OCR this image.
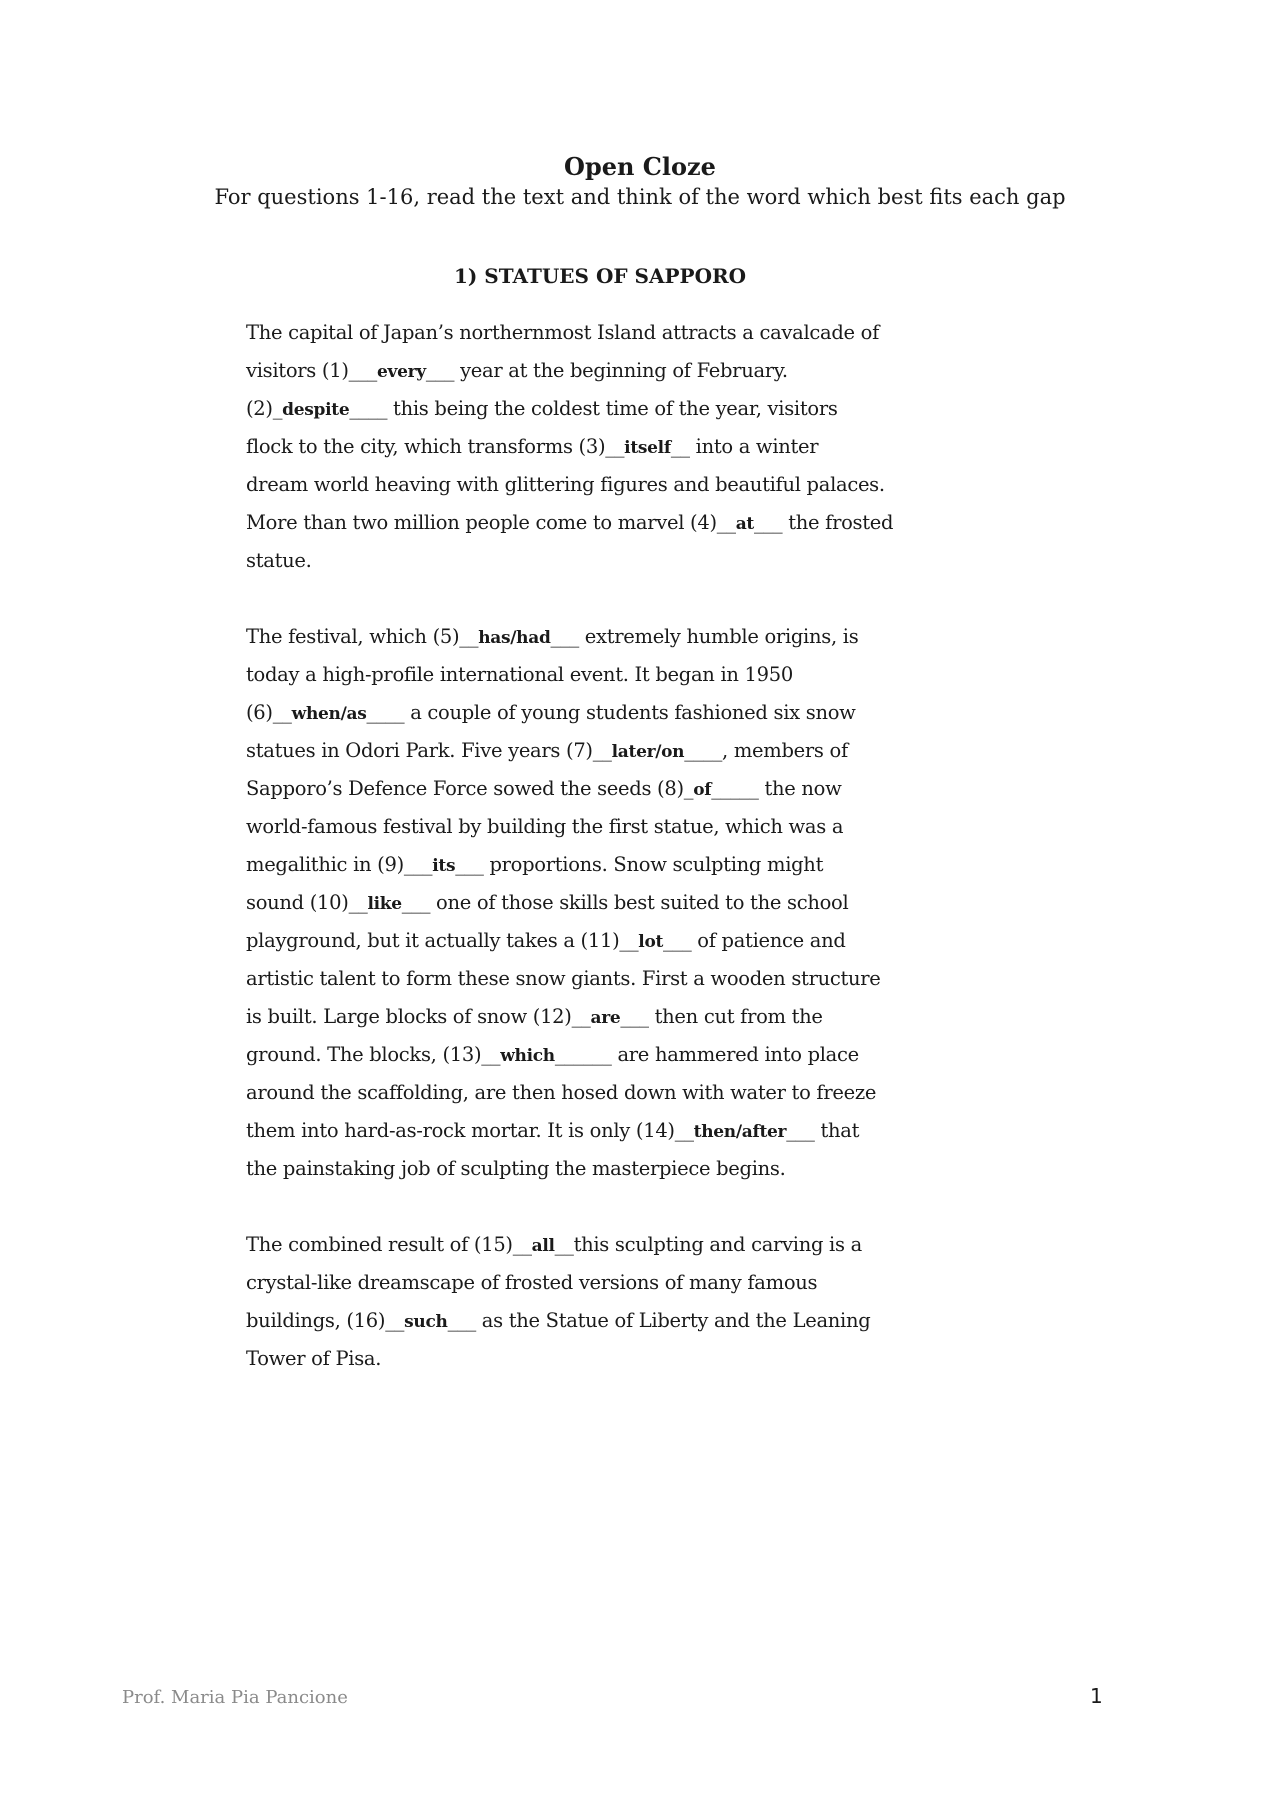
Open Cloze

For questions 1-16, read the text and think of the word which best fits each gap

1) STATUES OF SAPPORO
The capital of Japan’s northernmost Island attracts a cavalcade of
visitors (1)___every___ year at the beginning of February.
(2)_despite____ this being the coldest time of the year, visitors
flock to the city, which transforms (3)__itself__ into a winter
dream world heaving with glittering figures and beautiful palaces.
More than two million people come to marvel (4)__at___ the frosted
statue.
The festival, which (5)__has/had___ extremely humble origins, is
today a high-profile international event. It began in 1950
(6)__when/as____ a couple of young students fashioned six snow
statues in Odori Park. Five years (7)__later/on____, members of
Sapporo’s Defence Force sowed the seeds (8)_of_____ the now
world-famous festival by building the first statue, which was a
megalithic in (9)___its___ proportions. Snow sculpting might
sound (10)__like___ one of those skills best suited to the school
playground, but it actually takes a (11)__lot___ of patience and
artistic talent to form these snow giants. First a wooden structure
is built. Large blocks of snow (12)__are___ then cut from the
ground. The blocks, (13)__which______ are hammered into place
around the scaffolding, are then hosed down with water to freeze
them into hard-as-rock mortar. It is only (14)__then/after___ that
the painstaking job of sculpting the masterpiece begins.
The combined result of (15)__all__this sculpting and carving is a
crystal-like dreamscape of frosted versions of many famous
buildings, (16)__such___ as the Statue of Liberty and the Leaning
Tower of Pisa.
Prof. Maria Pia Pancione	1
